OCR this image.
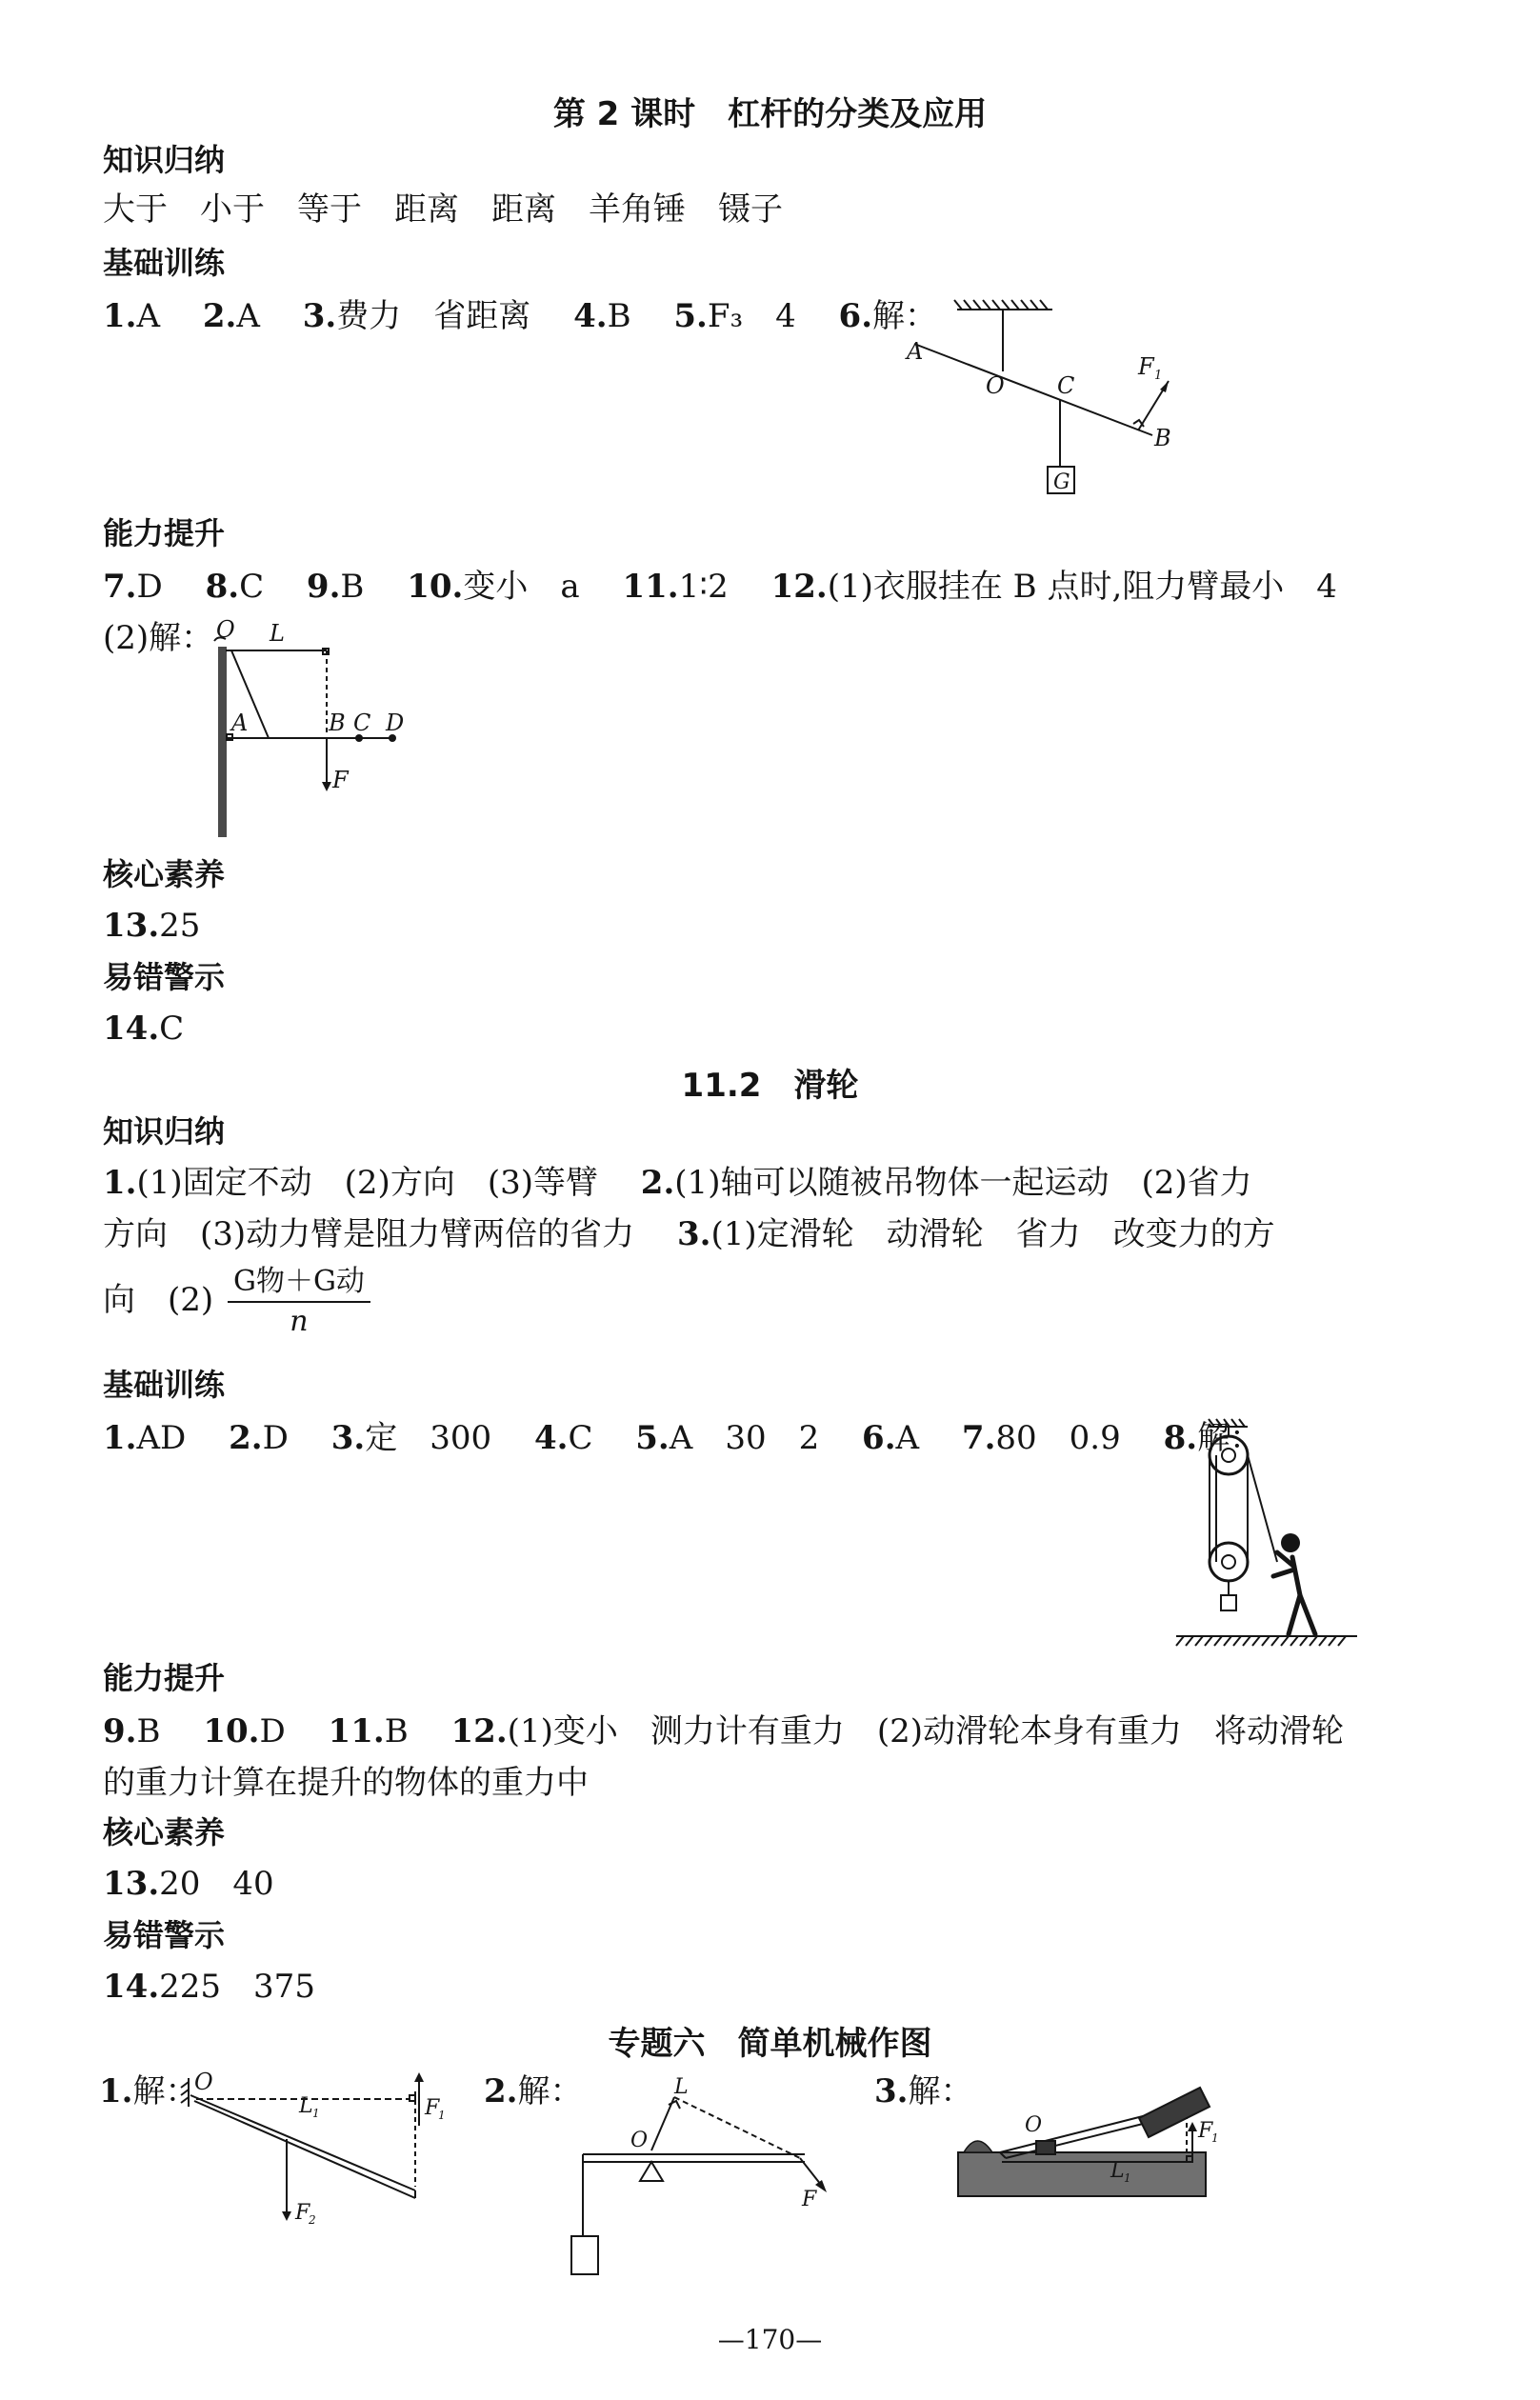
第 2 课时　杠杆的分类及应用
知识归纳
大于　小于　等于　距离　距离　羊角锤　镊子
基础训练
1.A 2.A 3.费力　省距离 4.B 5.F₃　4 6.解：
A
O C
F 1
B
G
能力提升
7.D 8.C 9.B 10.变小　a 11.1∶2 12.(1)衣服挂在 B 点时,阻力臂最小　4
(2)解： O L
A	B C D
F
核心素养
13.25
易错警示
14.C
11.2　滑轮
知识归纳
1.(1)固定不动　(2)方向　(3)等臂　 2.(1)轴可以随被吊物体一起运动　(2)省力
方向　(3)动力臂是阻力臂两倍的省力　 3.(1)定滑轮　动滑轮　省力　改变力的方
向　$(2) \frac{\text{G物＋G动}}{n}$
基础训练
1.AD 2.D 3.定　300 4.C 5.A　30　2 6.A 7.80　0.9 8.解：
能力提升
9.B 10.D 11.B 12.(1)变小　测力计有重力　(2)动滑轮本身有重力　将动滑轮
的重力计算在提升的物体的重力中
核心素养
13.20　40
易错警示
14.225　375
专题六　简单机械作图
1.解：	2.解：	3.解：
O
L 1	F
1
F
2
L
O
F
O	F
1
L 1
—170—
